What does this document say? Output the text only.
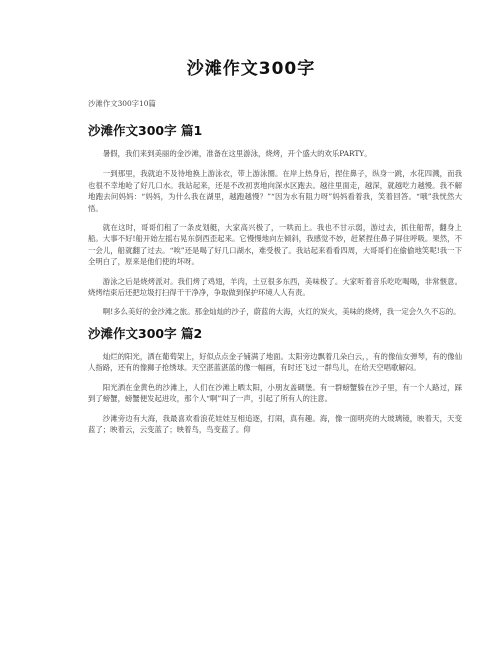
沙滩作文300字

沙滩作文300字10篇

沙滩作文300字 篇1

暑假，我们来到美丽的金沙滩，准备在这里游泳，烧烤，开个盛大的欢乐PARTY。

一到那里，我就迫不及待地换上游泳衣，带上游泳圈。在岸上热身后，捏住鼻子，纵身一跳，水花四溅，而我也很不幸地呛了好几口水。我站起来，还是不改初衷地向深水区跑去。越往里面走，越深，就越吃力越慢。我不解地跑去问妈妈：“妈妈，为什么我在湖里，越跑越慢？”“因为水有阻力呀”妈妈看着我，笑着回答。“哦”我恍然大悟。

就在这时，哥哥们租了一条皮划艇，大家高兴极了，一哄而上。我也不甘示弱，游过去，抓住船帮，翻身上船。大事不好!船开始左摇右晃东倒西歪起来。它慢慢地向左倾斜，我感觉不妙，赶紧捏住鼻子屏住呼吸。果然，不一会儿，船就翻了过去。“唉”还是喝了好几口湖水，难受极了。我站起来看看四周，大哥哥们在偷偷地笑呢!我一下全明白了，原来是他们使的坏呀。

游泳之后是烧烤派对。我们烤了鸡翅，羊肉，土豆很多东西，美味极了。大家听着音乐吃吃喝喝，非常惬意。烧烤结束后还把垃圾打扫得干干净净，争取做到保护环境人人有责。

啊!多么美好的金沙滩之旅。那金灿灿的沙子，蔚蓝的大海，火红的炭火，美味的烧烤，我一定会久久不忘的。

沙滩作文300字 篇2

灿烂的阳光，洒在葡萄架上，好似点点金子铺满了地面。太阳旁边飘着几朵白云，，有的像仙女弹琴，有的像仙人指路，还有的像狮子抢绣球。天空湛蓝湛蓝的像一幅画，有时还飞过一群鸟儿，在给天空唱歌解闷。

阳光洒在金黄色的沙滩上，人们在沙滩上晒太阳，小朋友盖碉堡。有一群螃蟹躲在沙子里，有一个人路过，踩到了螃蟹，螃蟹便发起进攻，那个人“啊”叫了一声，引起了所有人的注意。

沙滩旁边有大海，我最喜欢看浪花娃娃互相追逐，打闹，真有趣。海，像一面明亮的大玻璃镜，映着天，天变蓝了；映着云，云变蓝了；映着鸟，鸟变蓝了。仰
